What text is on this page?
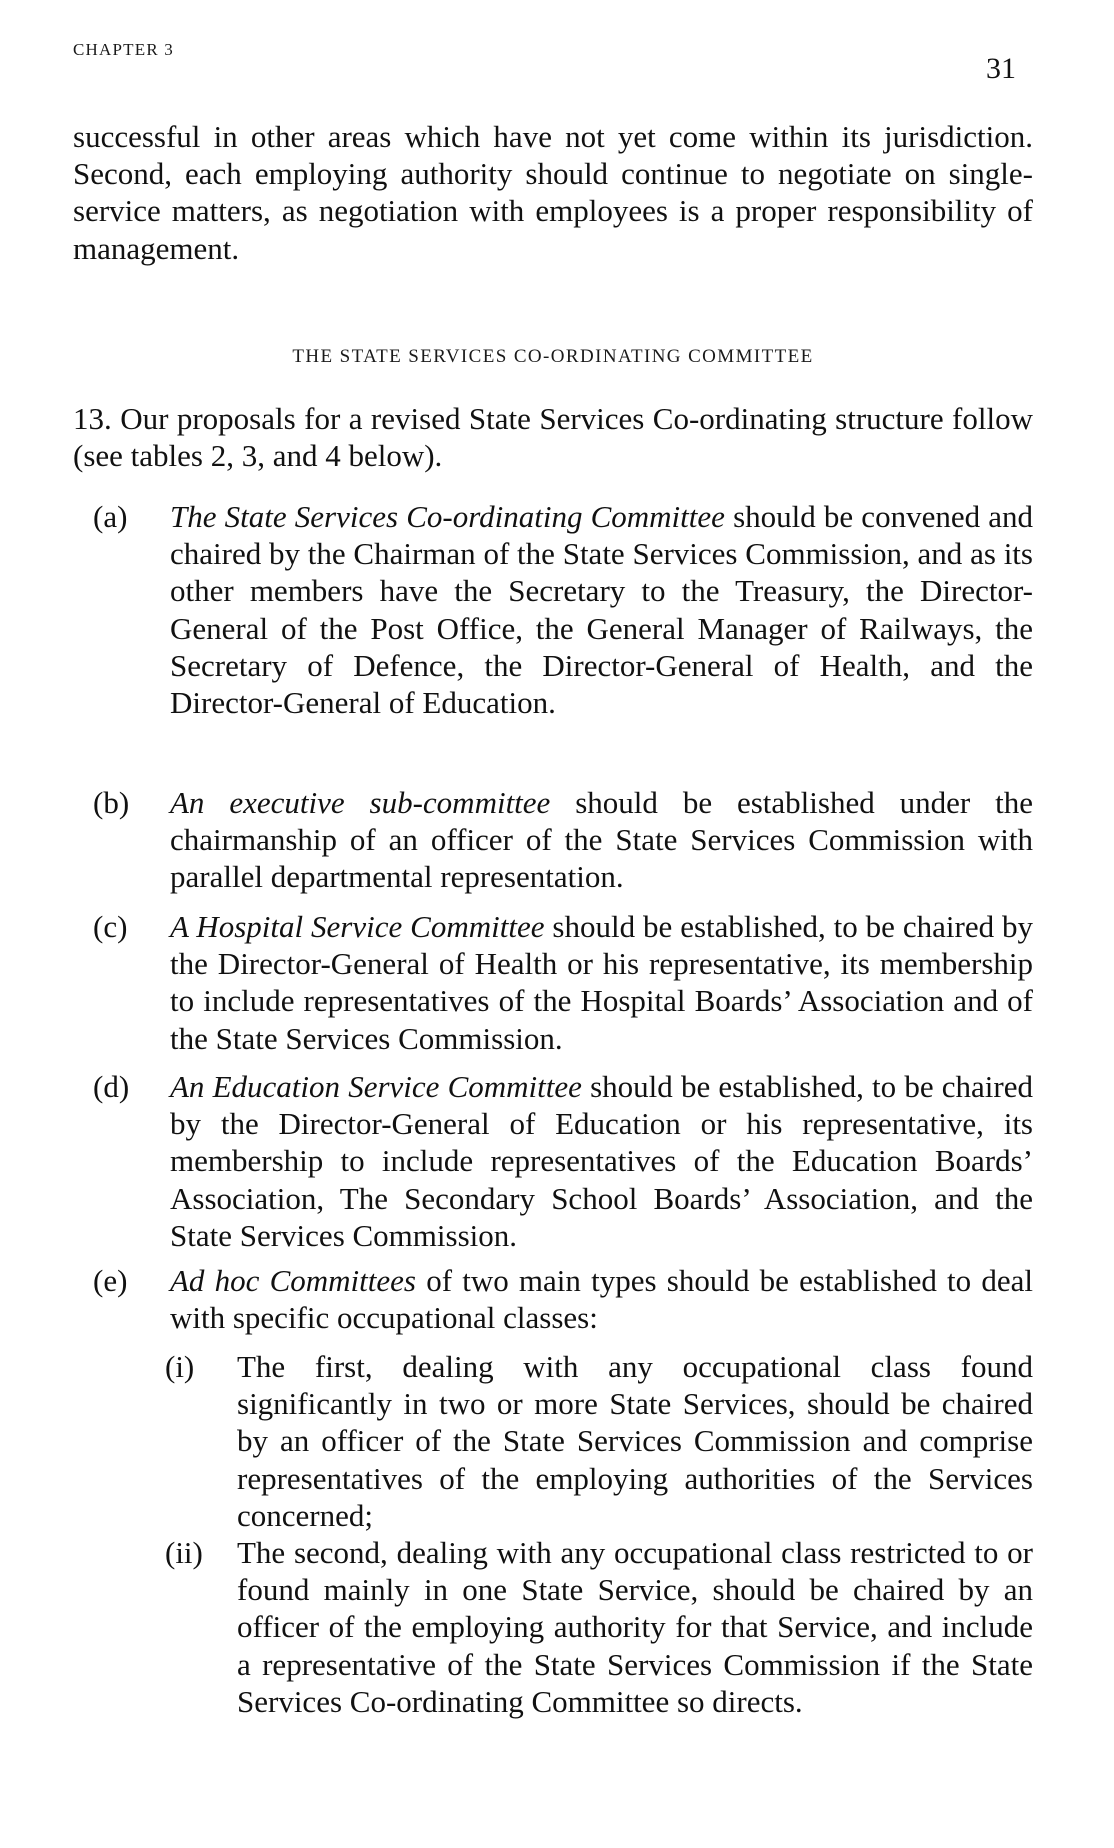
CHAPTER 3
31
successful in other areas which have not yet come within its jurisdiction. Second, each employing authority should continue to negotiate on single-service matters, as negotiation with employees is a proper responsibility of management.
THE STATE SERVICES CO-ORDINATING COMMITTEE
13. Our proposals for a revised State Services Co-ordinating structure follow (see tables 2, 3, and 4 below).
(a)	The State Services Co-ordinating Committee should be convened and chaired by the Chairman of the State Services Commission, and as its other members have the Secretary to the Treasury, the Director-General of the Post Office, the General Manager of Railways, the Secretary of Defence, the Director-General of Health, and the Director-General of Education.
(b)	An executive sub-committee should be established under the chairmanship of an officer of the State Services Commission with parallel departmental representation.
(c)	A Hospital Service Committee should be established, to be chaired by the Director-General of Health or his representative, its membership to include representatives of the Hospital Boards’ Association and of the State Services Commission.
(d)	An Education Service Committee should be established, to be chaired by the Director-General of Education or his representative, its membership to include representatives of the Education Boards’ Association, The Secondary School Boards’ Association, and the State Services Commission.
(e)	Ad hoc Committees of two main types should be established to deal with specific occupational classes:
(i)	The first, dealing with any occupational class found significantly in two or more State Services, should be chaired by an officer of the State Services Commission and comprise representatives of the employing authorities of the Services concerned;
(ii)	The second, dealing with any occupational class restricted to or found mainly in one State Service, should be chaired by an officer of the employing authority for that Service, and include a representative of the State Services Commission if the State Services Co-ordinating Committee so directs.
